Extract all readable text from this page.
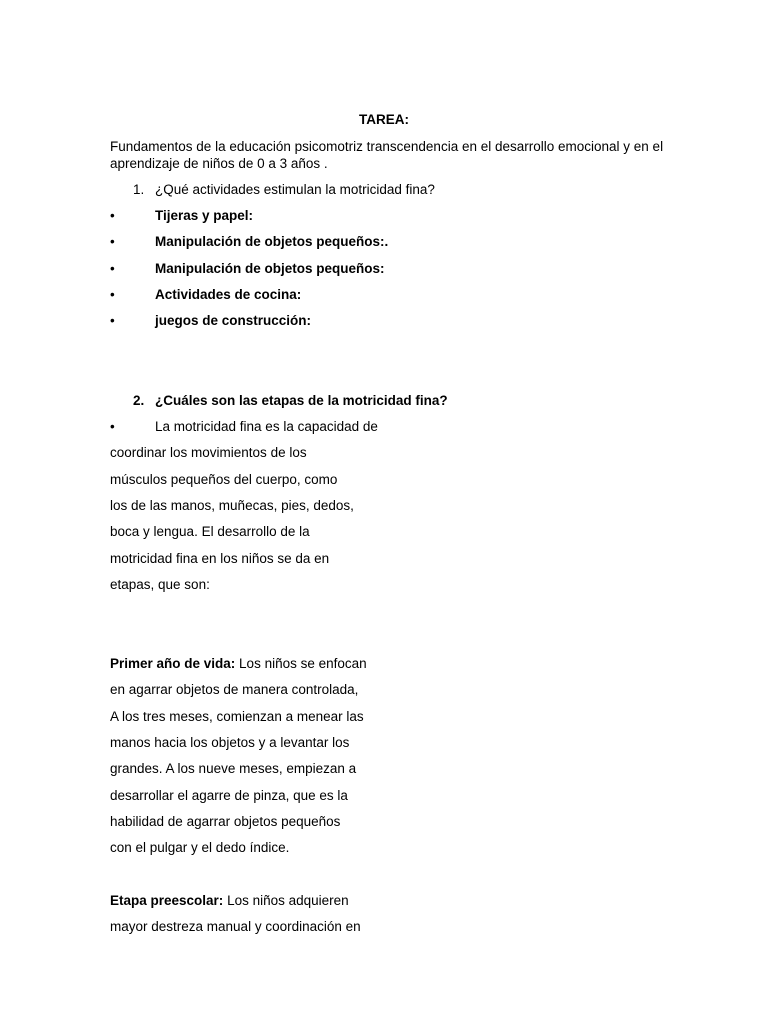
TAREA:
Fundamentos de la educación psicomotriz transcendencia en el desarrollo emocional y en el aprendizaje de niños de 0 a 3 años .
1. ¿Qué actividades estimulan la motricidad fina?
•	Tijeras y papel:
•	Manipulación de objetos pequeños:.
•	Manipulación de objetos pequeños:
•	Actividades de cocina:
•	juegos de construcción:
2. ¿Cuáles son las etapas de la motricidad fina?
•	La motricidad fina es la capacidad de
coordinar los movimientos de los
músculos pequeños del cuerpo, como
los de las manos, muñecas, pies, dedos,
boca y lengua. El desarrollo de la
motricidad fina en los niños se da en
etapas, que son:
Primer año de vida: Los niños se enfocan
en agarrar objetos de manera controlada,
A los tres meses, comienzan a menear las
manos hacia los objetos y a levantar los
grandes. A los nueve meses, empiezan a
desarrollar el agarre de pinza, que es la
habilidad de agarrar objetos pequeños
con el pulgar y el dedo índice.
Etapa preescolar: Los niños adquieren
mayor destreza manual y coordinación en
